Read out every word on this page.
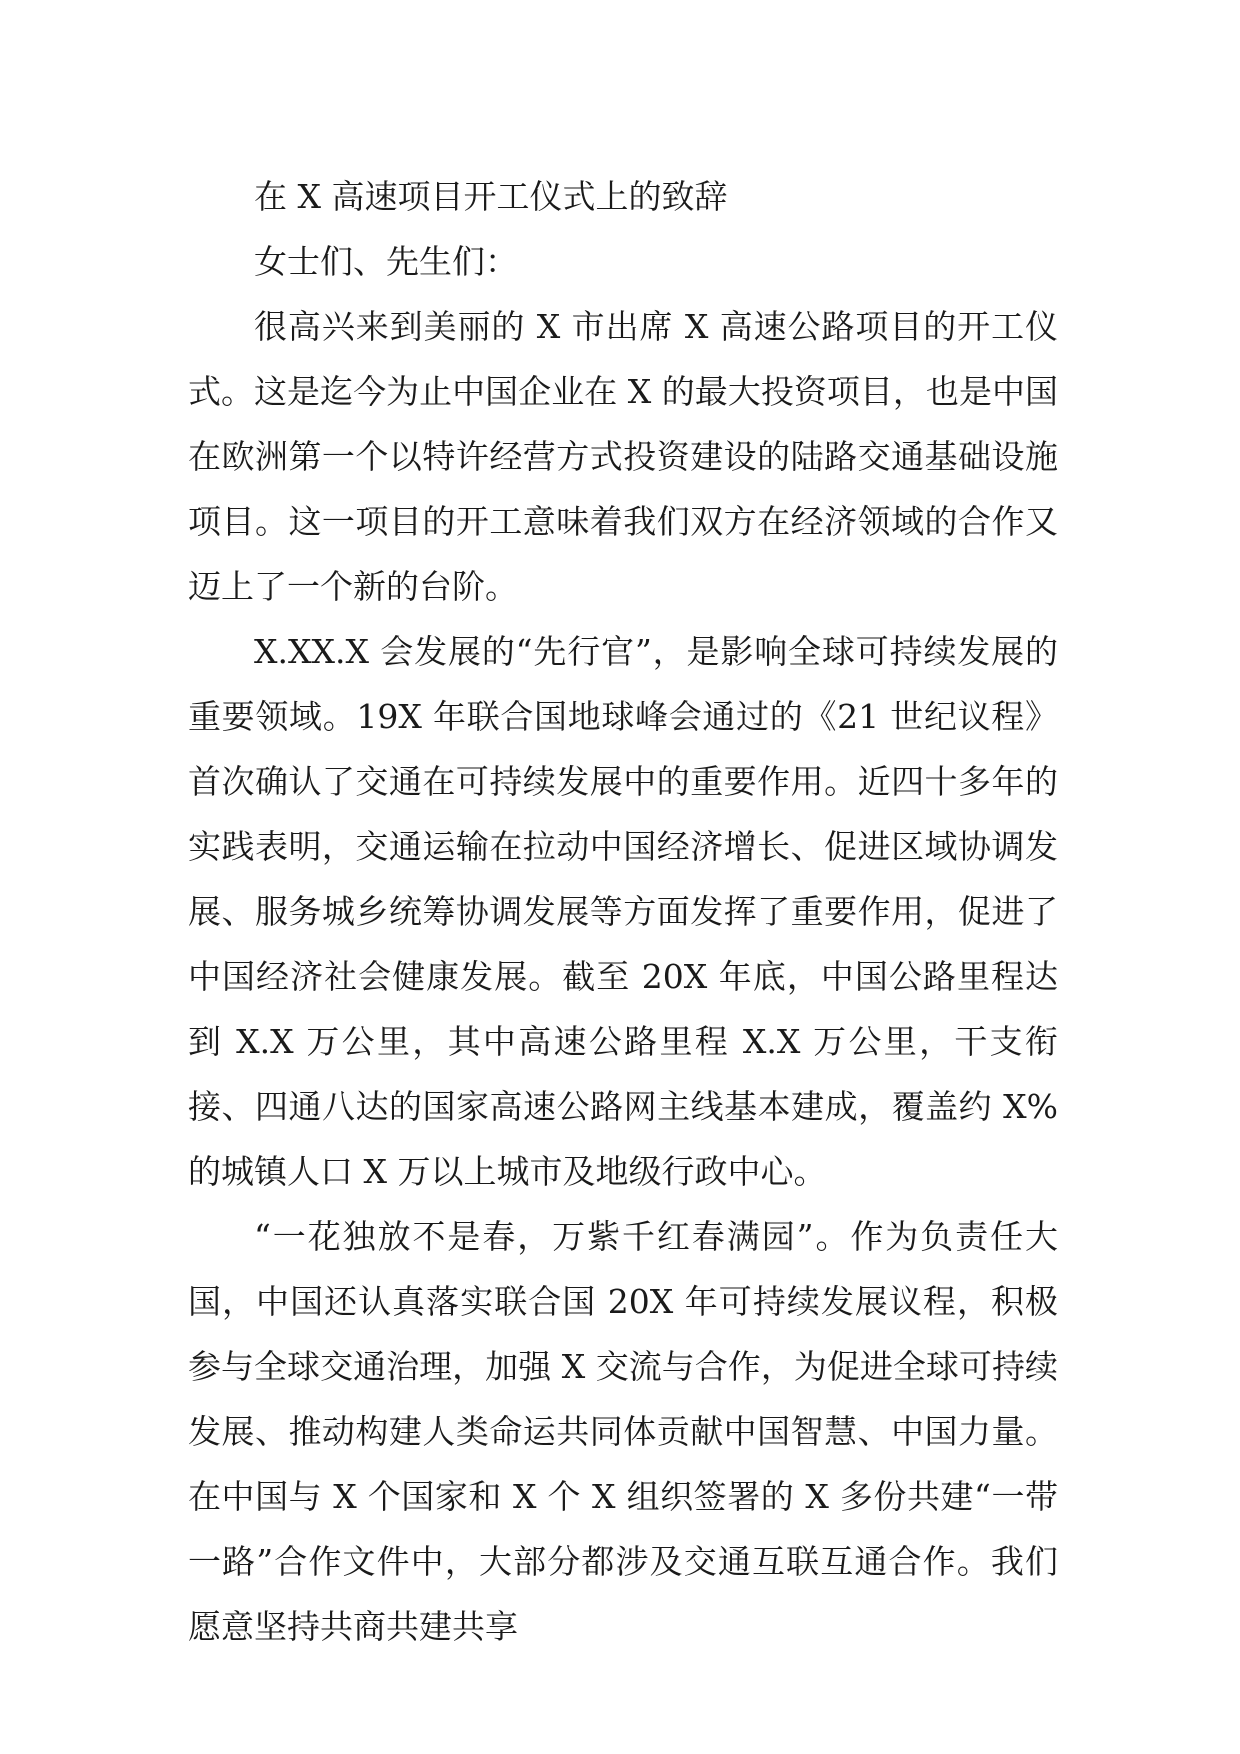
在 X 高速项目开工仪式上的致辞

女士们、先生们：

很高兴来到美丽的 X 市出席 X 高速公路项目的开工仪式。这是迄今为止中国企业在 X 的最大投资项目，也是中国在欧洲第一个以特许经营方式投资建设的陆路交通基础设施项目。这一项目的开工意味着我们双方在经济领域的合作又迈上了一个新的台阶。

X.XX.X 会发展的“先行官”，是影响全球可持续发展的重要领域。19X 年联合国地球峰会通过的《21 世纪议程》首次确认了交通在可持续发展中的重要作用。近四十多年的实践表明，交通运输在拉动中国经济增长、促进区域协调发展、服务城乡统筹协调发展等方面发挥了重要作用，促进了中国经济社会健康发展。截至 20X 年底，中国公路里程达到 X.X 万公里，其中高速公路里程 X.X 万公里，干支衔接、四通八达的国家高速公路网主线基本建成，覆盖约 X%的城镇人口 X 万以上城市及地级行政中心。

“一花独放不是春，万紫千红春满园”。作为负责任大国，中国还认真落实联合国 20X 年可持续发展议程，积极参与全球交通治理，加强 X 交流与合作，为促进全球可持续发展、推动构建人类命运共同体贡献中国智慧、中国力量。在中国与 X 个国家和 X 个 X 组织签署的 X 多份共建“一带一路”合作文件中，大部分都涉及交通互联互通合作。我们愿意坚持共商共建共享
